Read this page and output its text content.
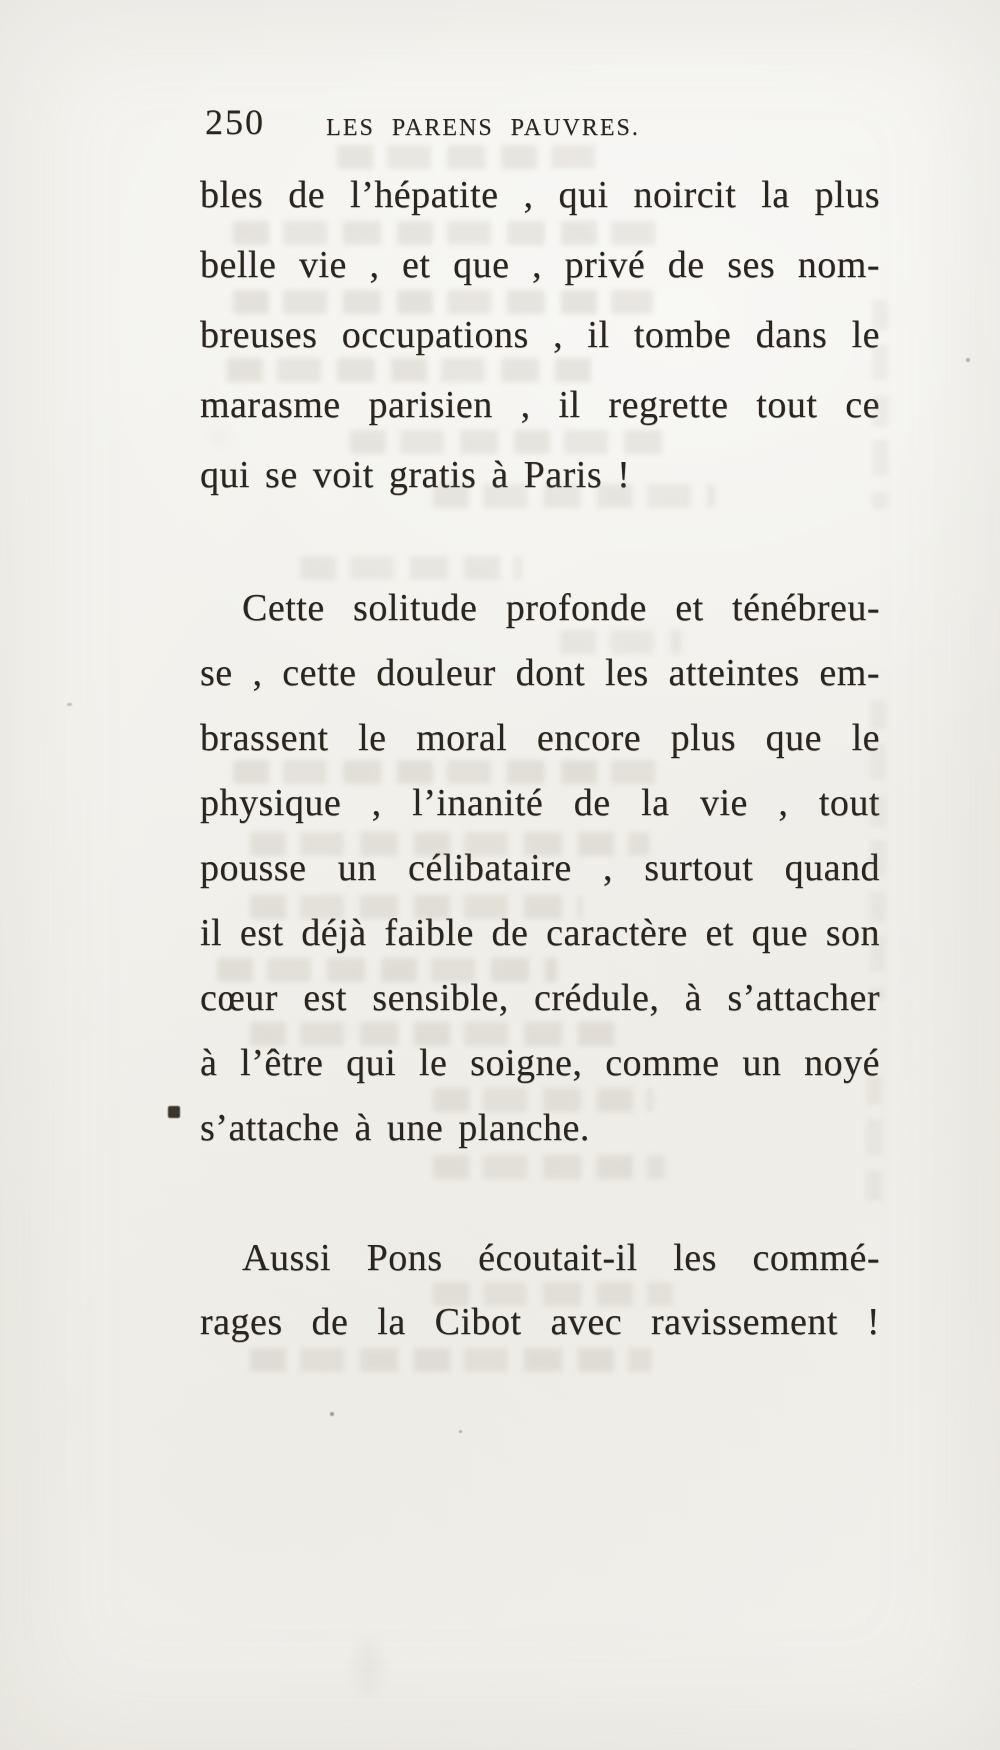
250	LES PARENS PAUVRES.
bles de l’hépatite , qui noircit la plus
belle vie , et que , privé de ses nom-
breuses occupations , il tombe dans le
marasme parisien , il regrette tout ce
qui se voit gratis à Paris !
Cette solitude profonde et ténébreu-
se , cette douleur dont les atteintes em-
brassent le moral encore plus que le
physique , l’inanité de la vie , tout
pousse un célibataire , surtout quand
il est déjà faible de caractère et que son
cœur est sensible, crédule, à s’attacher
à l’être qui le soigne, comme un noyé
s’attache à une planche.
Aussi Pons écoutait-il les commé-
rages de la Cibot avec ravissement !
